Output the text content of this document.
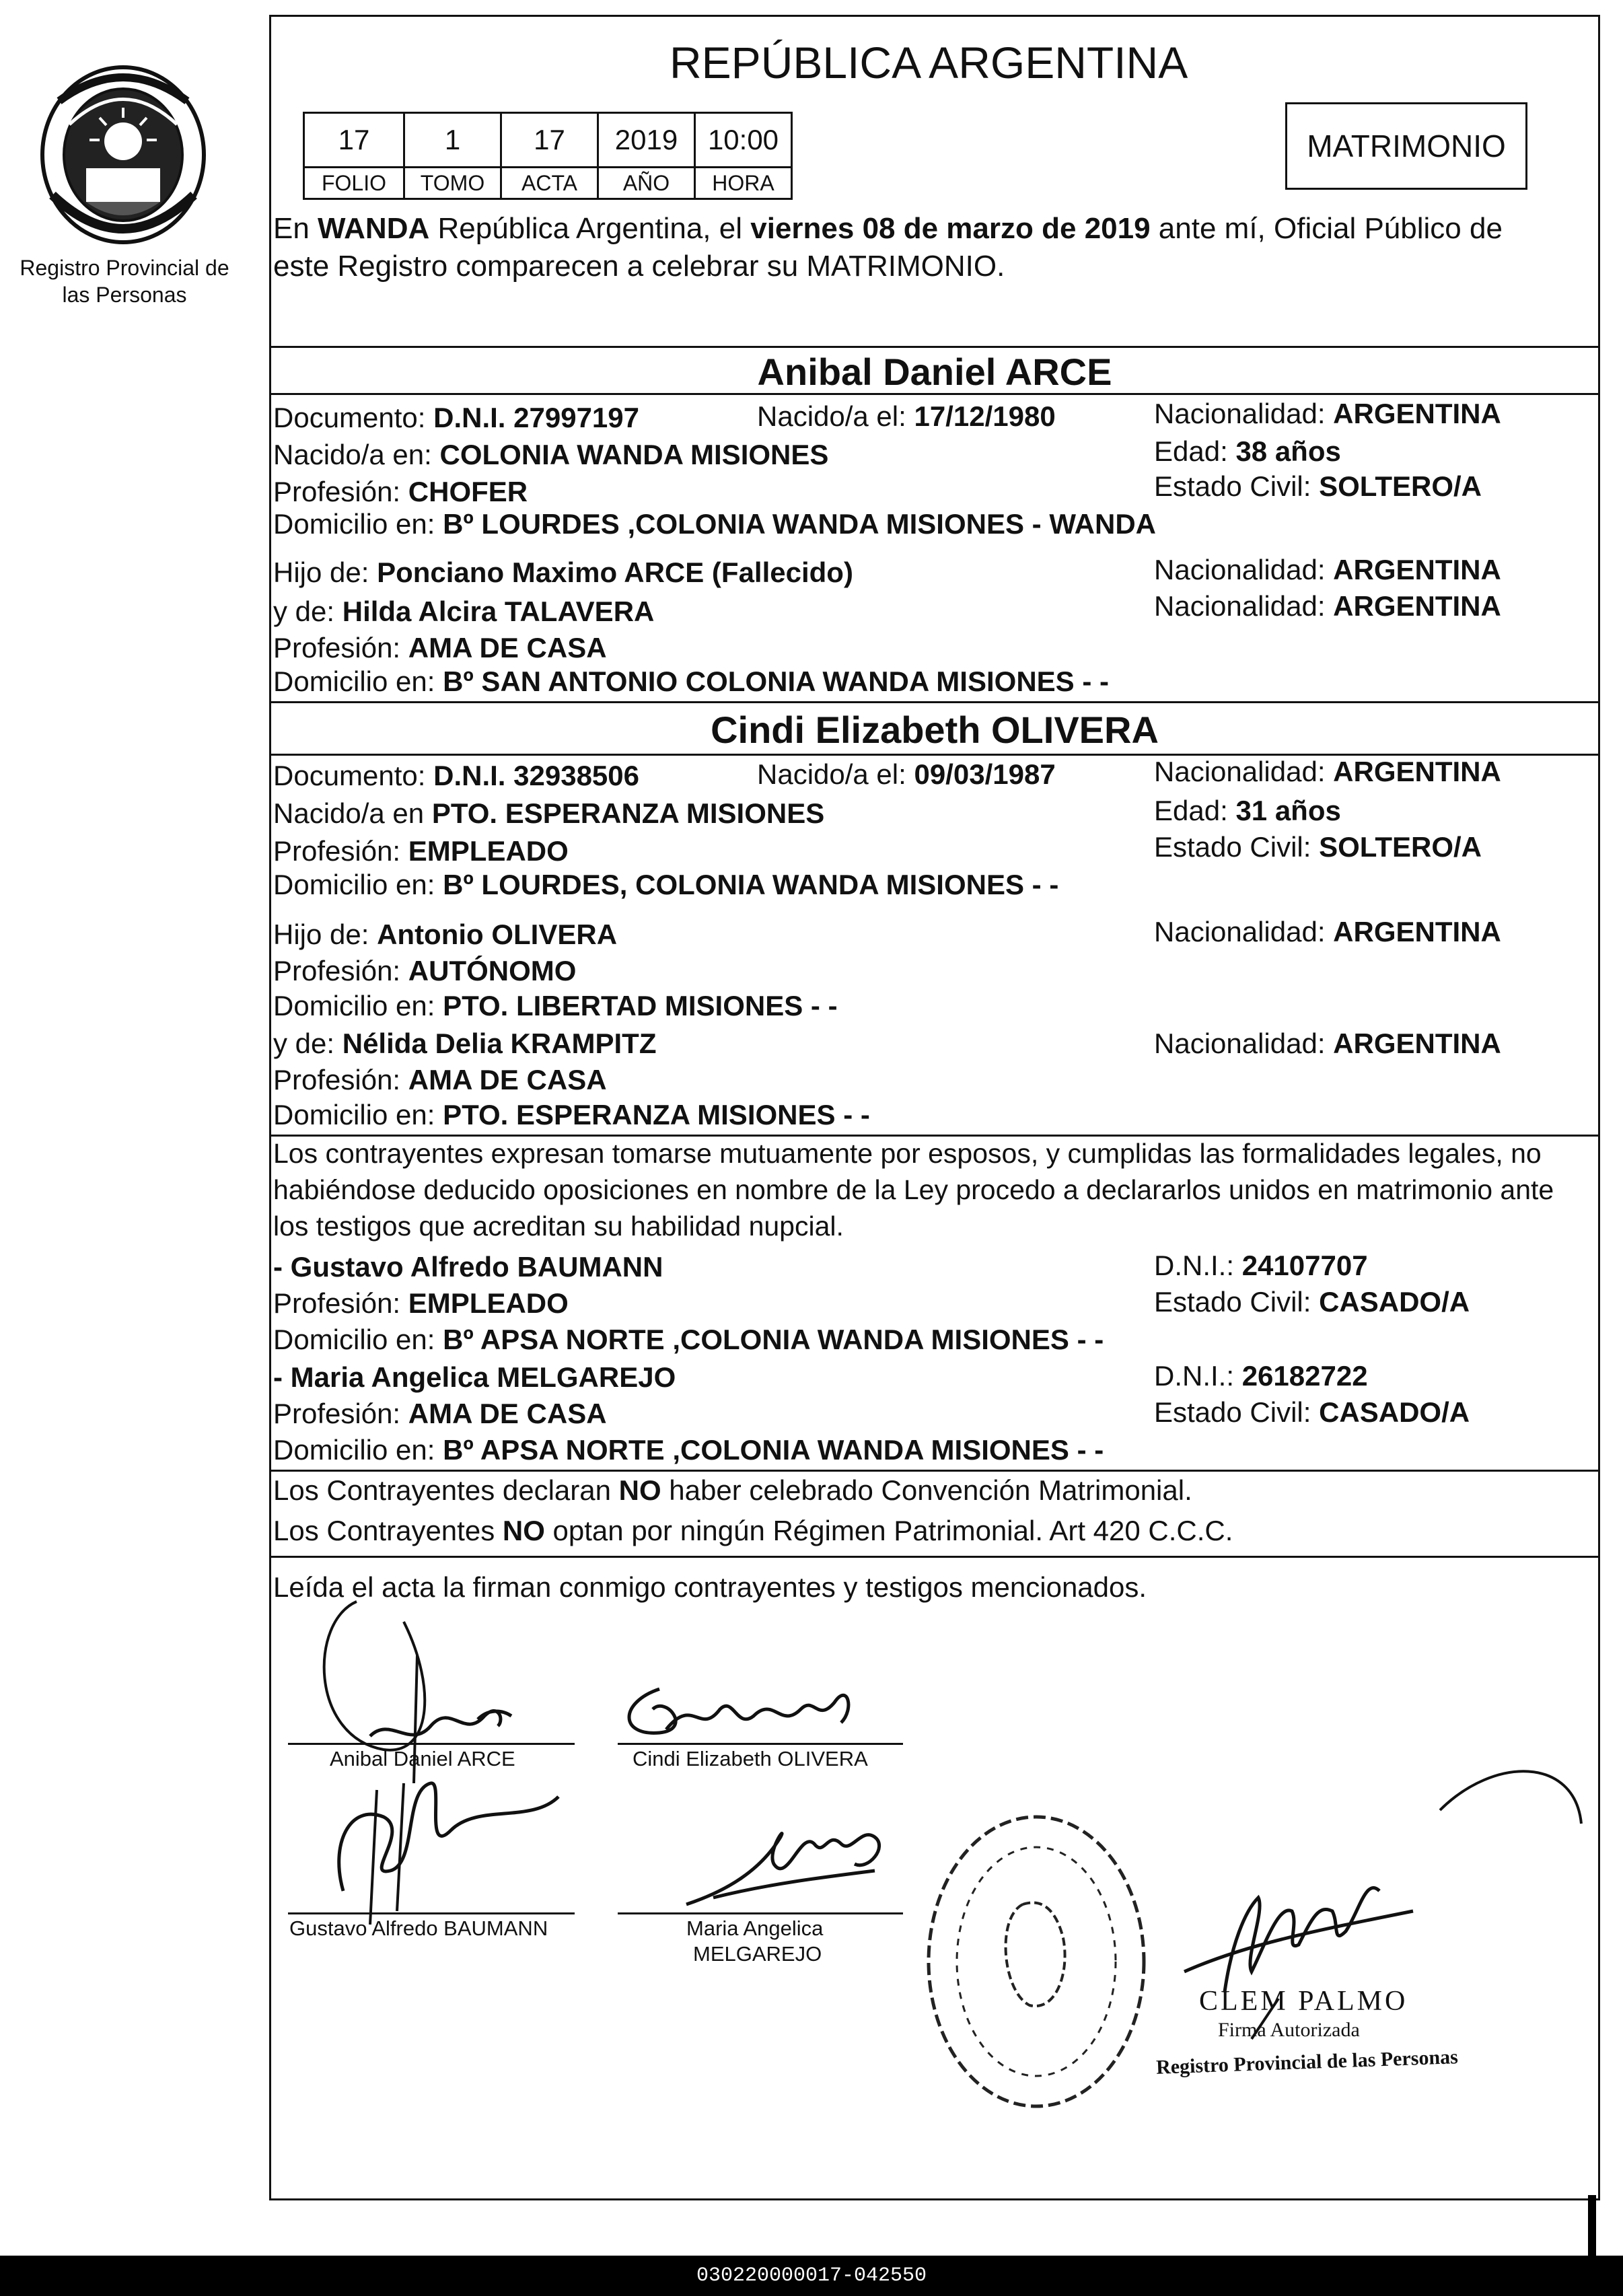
Registro Provincial de las Personas
REPÚBLICA ARGENTINA
17	1	17	2019	10:00
FOLIO	TOMO	ACTA	AÑO	HORA
MATRIMONIO
En WANDA República Argentina, el viernes 08 de marzo de 2019 ante mí, Oficial Público de
este Registro comparecen a celebrar su MATRIMONIO.
Anibal Daniel ARCE
Documento: D.N.I. 27997197	Nacido/a el: 17/12/1980	Nacionalidad: ARGENTINA
Nacido/a en: COLONIA WANDA MISIONES	Edad: 38 años
Profesión: CHOFER	Estado Civil: SOLTERO/A
Domicilio en: Bº LOURDES ,COLONIA WANDA MISIONES - WANDA
Hijo de: Ponciano Maximo ARCE (Fallecido)	Nacionalidad: ARGENTINA
y de: Hilda Alcira TALAVERA	Nacionalidad: ARGENTINA
Profesión: AMA DE CASA
Domicilio en: Bº SAN ANTONIO COLONIA WANDA MISIONES - -
Cindi Elizabeth OLIVERA
Documento: D.N.I. 32938506	Nacido/a el: 09/03/1987	Nacionalidad: ARGENTINA
Nacido/a en PTO. ESPERANZA MISIONES	Edad: 31 años
Profesión: EMPLEADO	Estado Civil: SOLTERO/A
Domicilio en: Bº LOURDES, COLONIA WANDA MISIONES - -
Hijo de: Antonio OLIVERA	Nacionalidad: ARGENTINA
Profesión: AUTÓNOMO
Domicilio en: PTO. LIBERTAD MISIONES - -
y de: Nélida Delia KRAMPITZ	Nacionalidad: ARGENTINA
Profesión: AMA DE CASA
Domicilio en: PTO. ESPERANZA MISIONES - -
Los contrayentes expresan tomarse mutuamente por esposos, y cumplidas las formalidades legales, no
habiéndose deducido oposiciones en nombre de la Ley procedo a declararlos unidos en matrimonio ante
los testigos que acreditan su habilidad nupcial.
- Gustavo Alfredo BAUMANN	D.N.I.: 24107707
Profesión: EMPLEADO	Estado Civil: CASADO/A
Domicilio en: Bº APSA NORTE ,COLONIA WANDA MISIONES - -
- Maria Angelica MELGAREJO	D.N.I.: 26182722
Profesión: AMA DE CASA	Estado Civil: CASADO/A
Domicilio en: Bº APSA NORTE ,COLONIA WANDA MISIONES - -
Los Contrayentes declaran NO haber celebrado Convención Matrimonial.
Los Contrayentes NO optan por ningún Régimen Patrimonial. Art 420 C.C.C.
Leída el acta la firman conmigo contrayentes y testigos mencionados.
Anibal Daniel ARCE	Cindi Elizabeth OLIVERA
Gustavo Alfredo BAUMANN	Maria Angelica
MELGAREJO
CLEM PALMO
Firma Autorizada
Registro Provincial de las Personas
030220000017-042550
